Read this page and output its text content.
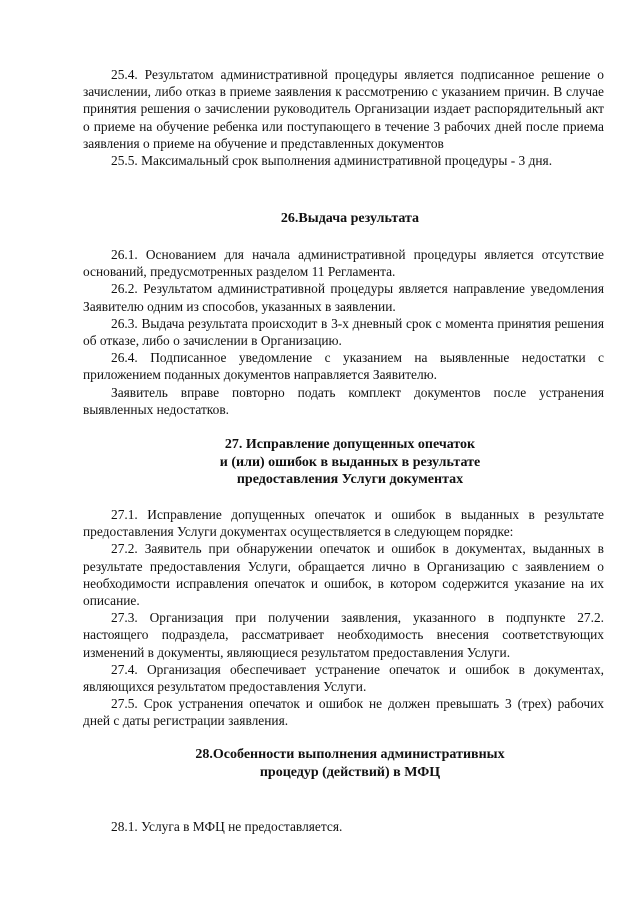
25.4. Результатом административной процедуры является подписанное решение о зачислении, либо отказ в приеме заявления к рассмотрению с указанием причин. В случае принятия решения о зачислении руководитель Организации издает распорядительный акт о приеме на обучение ребенка или поступающего в течение 3 рабочих дней после приема заявления о приеме на обучение и представленных документов

25.5. Максимальный срок выполнения административной процедуры - 3 дня.

26.Выдача результата

26.1. Основанием для начала административной процедуры является отсутствие оснований, предусмотренных разделом 11 Регламента.

26.2. Результатом административной процедуры является направление уведомления Заявителю одним из способов, указанных в заявлении.

26.3. Выдача результата происходит в 3-х дневный срок с момента принятия решения об отказе, либо о зачислении в Организацию.

26.4. Подписанное уведомление с указанием на выявленные недостатки с приложением поданных документов направляется Заявителю.

Заявитель вправе повторно подать комплект документов после устранения выявленных недостатков.

27. Исправление допущенных опечаток
и (или) ошибок в выданных в результате
предоставления Услуги документах

27.1. Исправление допущенных опечаток и ошибок в выданных в результате предоставления Услуги документах осуществляется в следующем порядке:

27.2. Заявитель при обнаружении опечаток и ошибок в документах, выданных в результате предоставления Услуги, обращается лично в Организацию с заявлением о необходимости исправления опечаток и ошибок, в котором содержится указание на их описание.

27.3. Организация при получении заявления, указанного в подпункте 27.2. настоящего подраздела, рассматривает необходимость внесения соответствующих изменений в документы, являющиеся результатом предоставления Услуги.

27.4. Организация обеспечивает устранение опечаток и ошибок в документах, являющихся результатом предоставления Услуги.

27.5. Срок устранения опечаток и ошибок не должен превышать 3 (трех) рабочих дней с даты регистрации заявления.

28.Особенности выполнения административных
процедур (действий) в МФЦ

28.1. Услуга в МФЦ не предоставляется.
